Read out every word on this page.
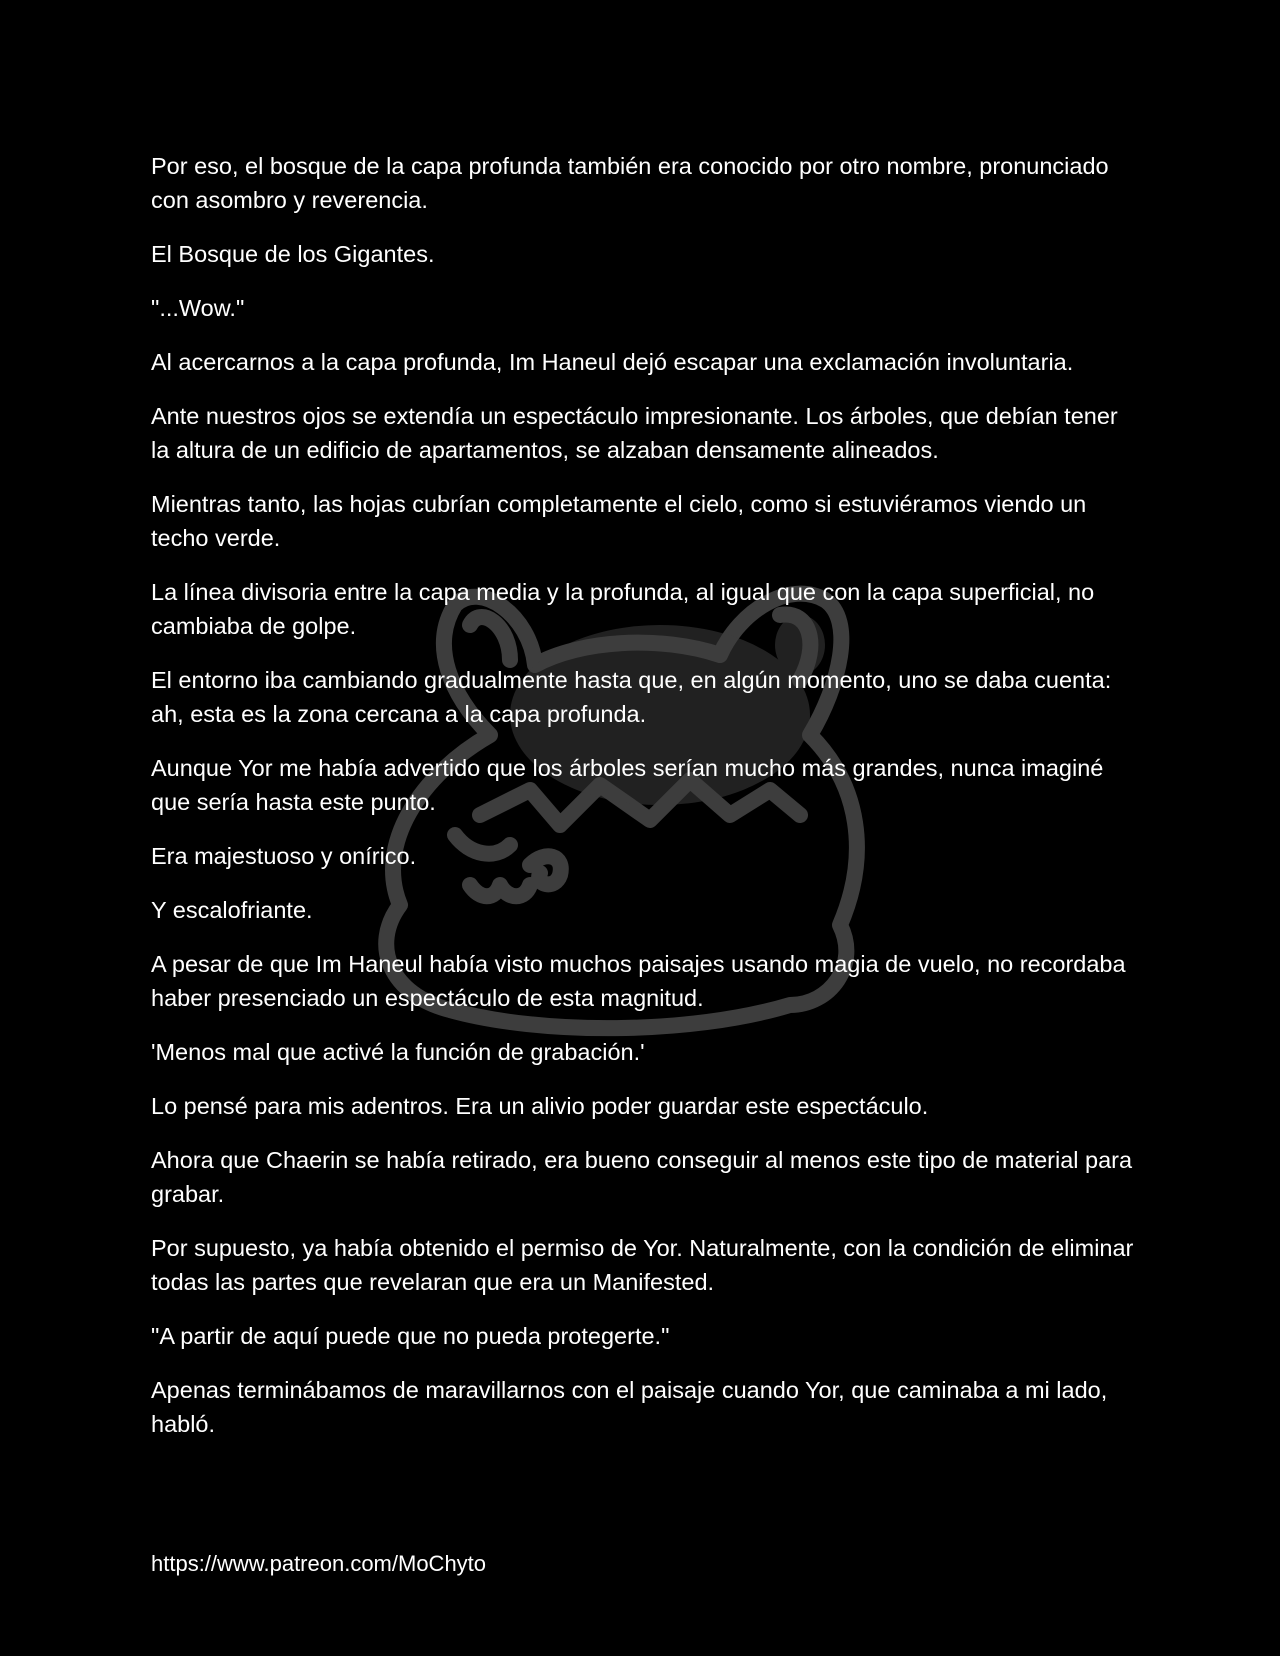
Por eso, el bosque de la capa profunda también era conocido por otro nombre, pronunciado con asombro y reverencia.

El Bosque de los Gigantes.

"...Wow."

Al acercarnos a la capa profunda, Im Haneul dejó escapar una exclamación involuntaria.

Ante nuestros ojos se extendía un espectáculo impresionante. Los árboles, que debían tener la altura de un edificio de apartamentos, se alzaban densamente alineados.

Mientras tanto, las hojas cubrían completamente el cielo, como si estuviéramos viendo un techo verde.

La línea divisoria entre la capa media y la profunda, al igual que con la capa superficial, no cambiaba de golpe.

El entorno iba cambiando gradualmente hasta que, en algún momento, uno se daba cuenta: ah, esta es la zona cercana a la capa profunda.

Aunque Yor me había advertido que los árboles serían mucho más grandes, nunca imaginé que sería hasta este punto.

Era majestuoso y onírico.

Y escalofriante.

A pesar de que Im Haneul había visto muchos paisajes usando magia de vuelo, no recordaba haber presenciado un espectáculo de esta magnitud.

'Menos mal que activé la función de grabación.'

Lo pensé para mis adentros. Era un alivio poder guardar este espectáculo.

Ahora que Chaerin se había retirado, era bueno conseguir al menos este tipo de material para grabar.

Por supuesto, ya había obtenido el permiso de Yor. Naturalmente, con la condición de eliminar todas las partes que revelaran que era un Manifested.

"A partir de aquí puede que no pueda protegerte."

Apenas terminábamos de maravillarnos con el paisaje cuando Yor, que caminaba a mi lado, habló.

https://www.patreon.com/MoChyto
